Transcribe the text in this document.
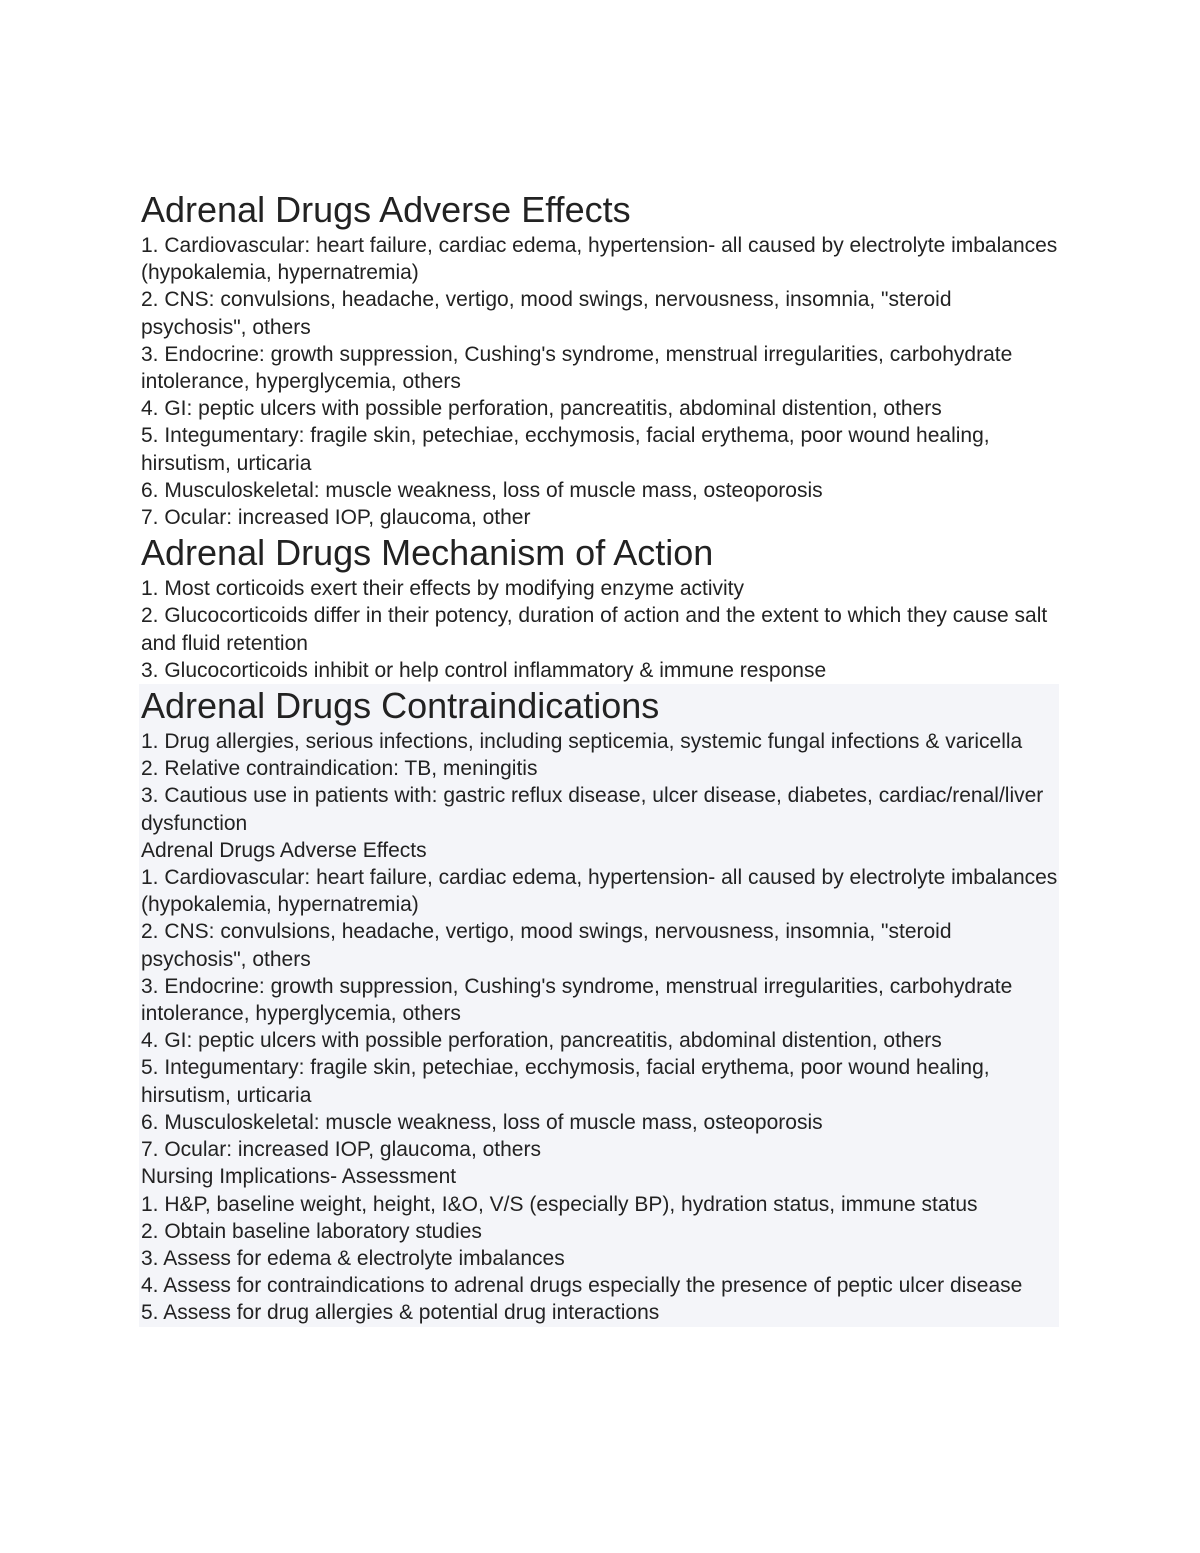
Adrenal Drugs Adverse Effects

1. Cardiovascular: heart failure, cardiac edema, hypertension- all caused by electrolyte imbalances (hypokalemia, hypernatremia)

2. CNS: convulsions, headache, vertigo, mood swings, nervousness, insomnia, "steroid psychosis", others

3. Endocrine: growth suppression, Cushing's syndrome, menstrual irregularities, carbohydrate intolerance, hyperglycemia, others

4. GI: peptic ulcers with possible perforation, pancreatitis, abdominal distention, others

5. Integumentary: fragile skin, petechiae, ecchymosis, facial erythema, poor wound healing, hirsutism, urticaria

6. Musculoskeletal: muscle weakness, loss of muscle mass, osteoporosis

7. Ocular: increased IOP, glaucoma, other

Adrenal Drugs Mechanism of Action

1. Most corticoids exert their effects by modifying enzyme activity

2. Glucocorticoids differ in their potency, duration of action and the extent to which they cause salt and fluid retention

3. Glucocorticoids inhibit or help control inflammatory & immune response

Adrenal Drugs Contraindications

1. Drug allergies, serious infections, including septicemia, systemic fungal infections & varicella

2. Relative contraindication: TB, meningitis

3. Cautious use in patients with: gastric reflux disease, ulcer disease, diabetes, cardiac/renal/liver dysfunction

Adrenal Drugs Adverse Effects

1. Cardiovascular: heart failure, cardiac edema, hypertension- all caused by electrolyte imbalances (hypokalemia, hypernatremia)

2. CNS: convulsions, headache, vertigo, mood swings, nervousness, insomnia, "steroid psychosis", others

3. Endocrine: growth suppression, Cushing's syndrome, menstrual irregularities, carbohydrate intolerance, hyperglycemia, others

4. GI: peptic ulcers with possible perforation, pancreatitis, abdominal distention, others

5. Integumentary: fragile skin, petechiae, ecchymosis, facial erythema, poor wound healing, hirsutism, urticaria

6. Musculoskeletal: muscle weakness, loss of muscle mass, osteoporosis

7. Ocular: increased IOP, glaucoma, others

Nursing Implications- Assessment

1. H&P, baseline weight, height, I&O, V/S (especially BP), hydration status, immune status

2. Obtain baseline laboratory studies

3. Assess for edema & electrolyte imbalances

4. Assess for contraindications to adrenal drugs especially the presence of peptic ulcer disease

5. Assess for drug allergies & potential drug interactions
